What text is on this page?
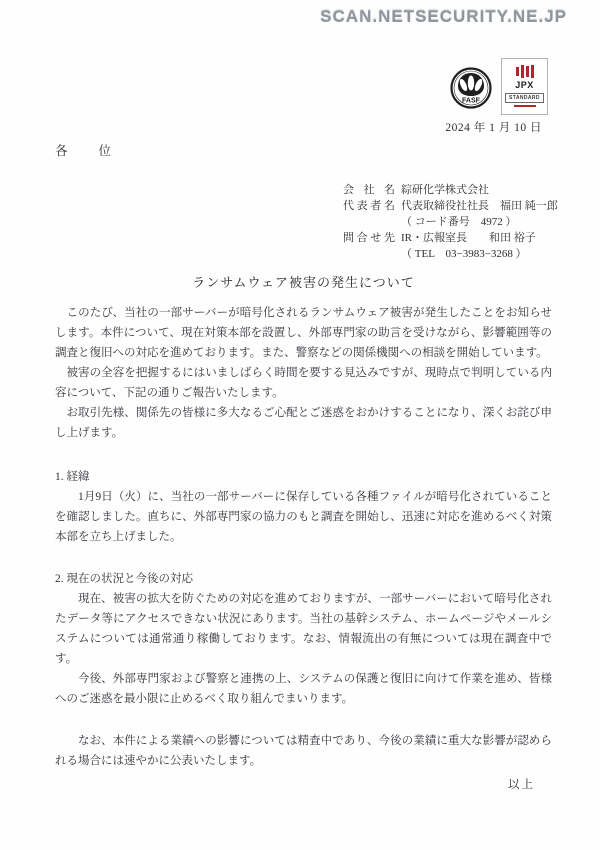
SCAN.NETSECURITY.NE.JP
FASF
JPX
STANDARD
2024 年 1 月 10 日
各　　位
会 社 名 綜研化学株式会社
代表者名 代表取締役社社長　福田 純一郎
（ コード番号　4972 ）
問合せ先 IR・広報室長　　和田 裕子
（ TEL　03−3983−3268 ）
ランサムウェア被害の発生について

このたび、当社の一部サーバーが暗号化されるランサムウェア被害が発生したことをお知らせします。本件について、現在対策本部を設置し、外部専門家の助言を受けながら、影響範囲等の調査と復旧への対応を進めております。また、警察などの関係機関への相談を開始しています。

被害の全容を把握するにはいましばらく時間を要する見込みですが、現時点で判明している内容について、下記の通りご報告いたします。

お取引先様、関係先の皆様に多大なるご心配とご迷惑をおかけすることになり、深くお詫び申し上げます。

1. 経緯

1月9日（火）に、当社の一部サーバーに保存している各種ファイルが暗号化されていることを確認しました。直ちに、外部専門家の協力のもと調査を開始し、迅速に対応を進めるべく対策本部を立ち上げました。

2. 現在の状況と今後の対応

現在、被害の拡大を防ぐための対応を進めておりますが、一部サーバーにおいて暗号化されたデータ等にアクセスできない状況にあります。当社の基幹システム、ホームページやメールシステムについては通常通り稼働しております。なお、情報流出の有無については現在調査中です。

今後、外部専門家および警察と連携の上、システムの保護と復旧に向けて作業を進め、皆様へのご迷惑を最小限に止めるべく取り組んでまいります。

なお、本件による業績への影響については精査中であり、今後の業績に重大な影響が認められる場合には速やかに公表いたします。

以上
